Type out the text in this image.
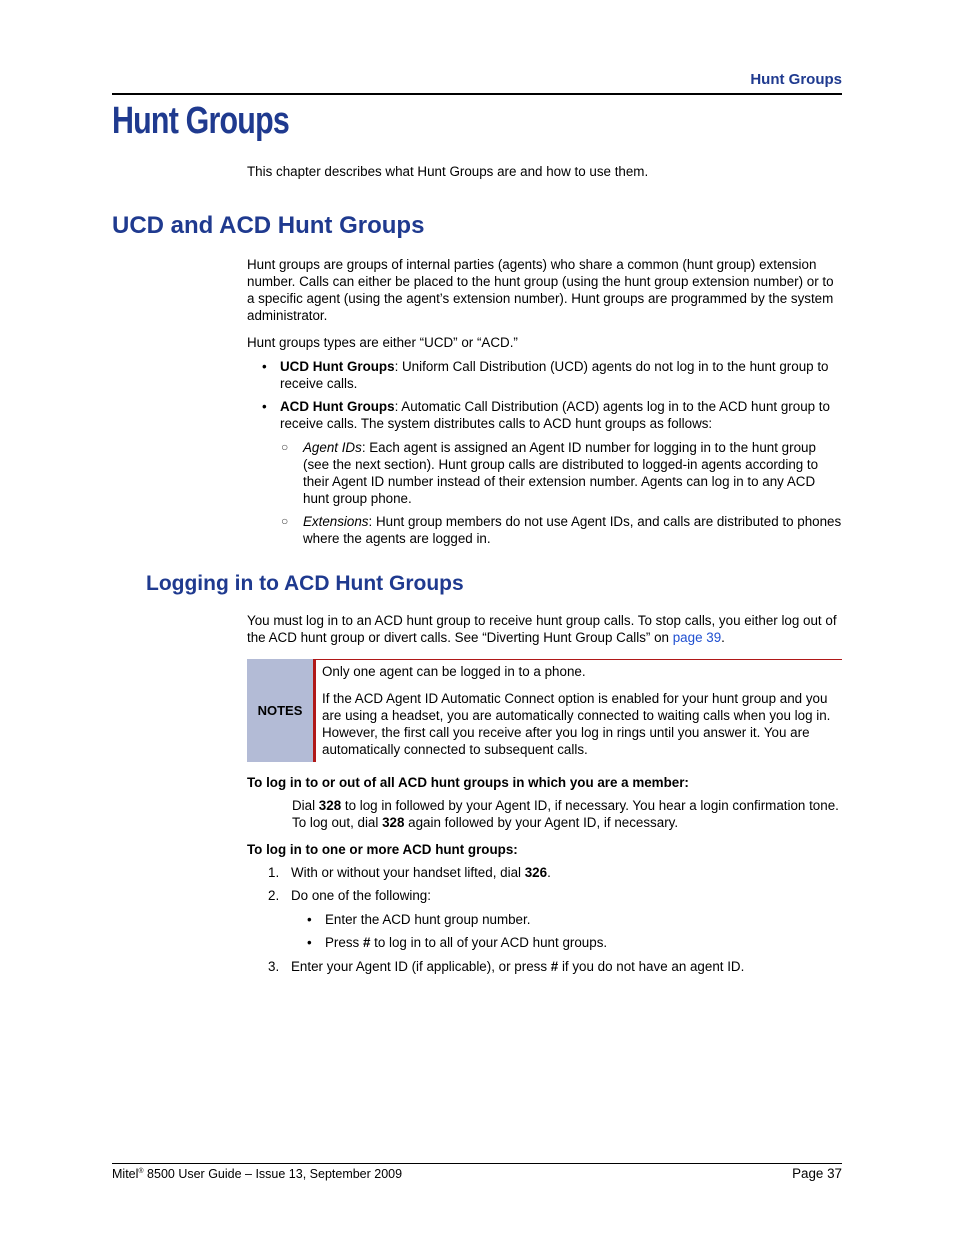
Hunt Groups
Hunt Groups
This chapter describes what Hunt Groups are and how to use them.
UCD and ACD Hunt Groups
Hunt groups are groups of internal parties (agents) who share a common (hunt group) extension number. Calls can either be placed to the hunt group (using the hunt group extension number) or to a specific agent (using the agent’s extension number). Hunt groups are programmed by the system administrator.
Hunt groups types are either “UCD” or “ACD.”
• UCD Hunt Groups: Uniform Call Distribution (UCD) agents do not log in to the hunt group to receive calls.
• ACD Hunt Groups: Automatic Call Distribution (ACD) agents log in to the ACD hunt group to receive calls. The system distributes calls to ACD hunt groups as follows:
○ Agent IDs: Each agent is assigned an Agent ID number for logging in to the hunt group (see the next section). Hunt group calls are distributed to logged-in agents according to their Agent ID number instead of their extension number. Agents can log in to any ACD hunt group phone.
○ Extensions: Hunt group members do not use Agent IDs, and calls are distributed to phones where the agents are logged in.
Logging in to ACD Hunt Groups
You must log in to an ACD hunt group to receive hunt group calls. To stop calls, you either log out of the ACD hunt group or divert calls. See “Diverting Hunt Group Calls” on page 39.
NOTES
Only one agent can be logged in to a phone.
If the ACD Agent ID Automatic Connect option is enabled for your hunt group and you are using a headset, you are automatically connected to waiting calls when you log in. However, the first call you receive after you log in rings until you answer it. You are automatically connected to subsequent calls.
To log in to or out of all ACD hunt groups in which you are a member:
Dial 328 to log in followed by your Agent ID, if necessary. You hear a login confirmation tone. To log out, dial 328 again followed by your Agent ID, if necessary.
To log in to one or more ACD hunt groups:
1. With or without your handset lifted, dial 326.
2. Do one of the following:
• Enter the ACD hunt group number.
• Press # to log in to all of your ACD hunt groups.
3. Enter your Agent ID (if applicable), or press # if you do not have an agent ID.
Mitel® 8500 User Guide – Issue 13, September 2009	Page 37
